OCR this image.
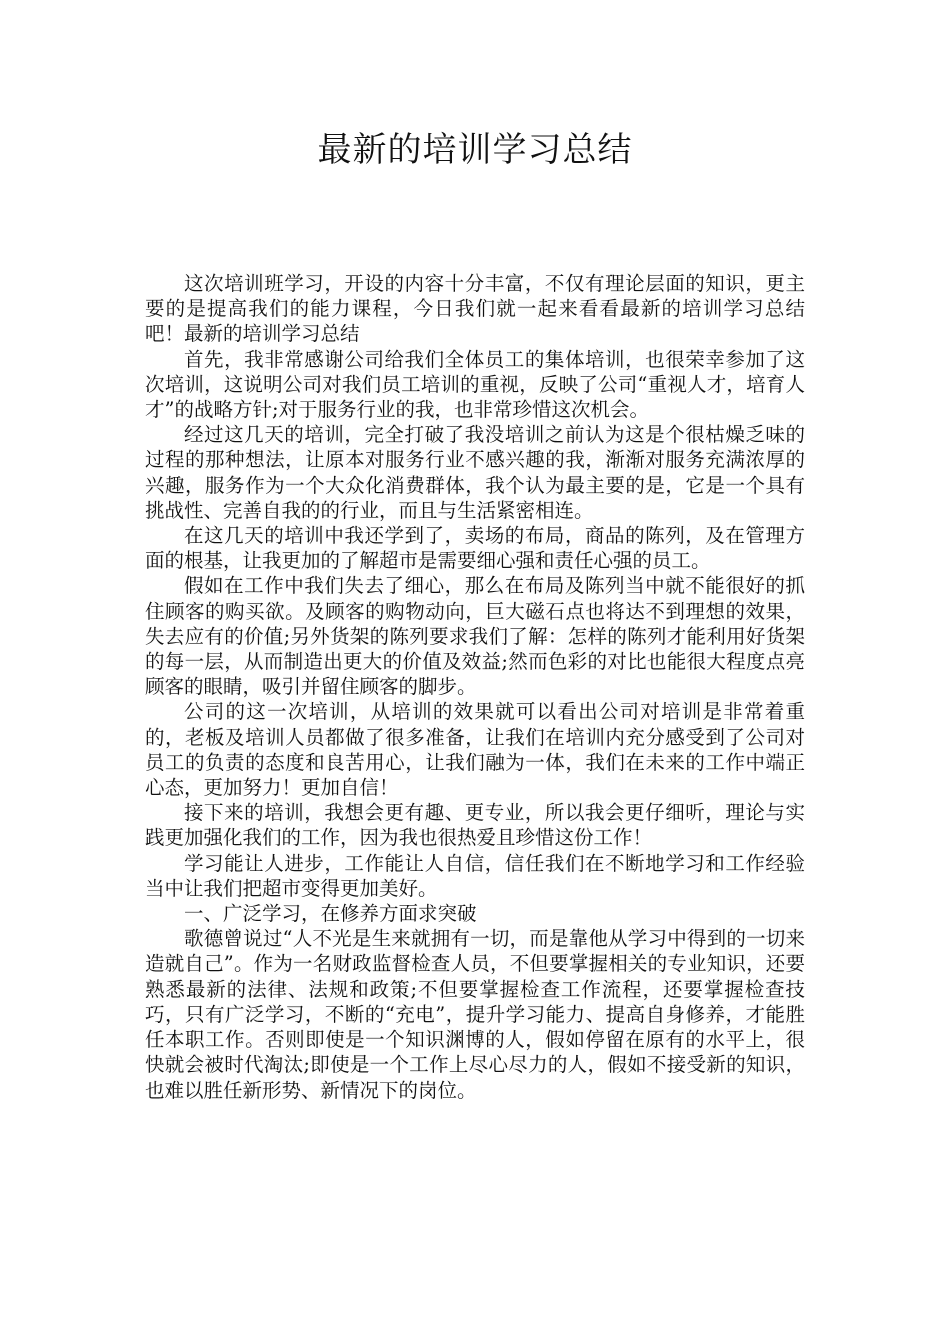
最新的培训学习总结

这次培训班学习，开设的内容十分丰富，不仅有理论层面的知识，更主要的是提高我们的能力课程，今日我们就一起来看看最新的培训学习总结吧！最新的培训学习总结

首先，我非常感谢公司给我们全体员工的集体培训，也很荣幸参加了这次培训，这说明公司对我们员工培训的重视，反映了公司“重视人才，培育人才”的战略方针;对于服务行业的我，也非常珍惜这次机会。

经过这几天的培训，完全打破了我没培训之前认为这是个很枯燥乏味的过程的那种想法，让原本对服务行业不感兴趣的我，渐渐对服务充满浓厚的兴趣，服务作为一个大众化消费群体，我个认为最主要的是，它是一个具有挑战性、完善自我的的行业，而且与生活紧密相连。

在这几天的培训中我还学到了，卖场的布局，商品的陈列，及在管理方面的根基，让我更加的了解超市是需要细心强和责任心强的员工。

假如在工作中我们失去了细心，那么在布局及陈列当中就不能很好的抓住顾客的购买欲。及顾客的购物动向，巨大磁石点也将达不到理想的效果，失去应有的价值;另外货架的陈列要求我们了解：怎样的陈列才能利用好货架的每一层，从而制造出更大的价值及效益;然而色彩的对比也能很大程度点亮顾客的眼睛，吸引并留住顾客的脚步。

公司的这一次培训，从培训的效果就可以看出公司对培训是非常着重的，老板及培训人员都做了很多准备，让我们在培训内充分感受到了公司对员工的负责的态度和良苦用心，让我们融为一体，我们在未来的工作中端正心态，更加努力！更加自信！

接下来的培训，我想会更有趣、更专业，所以我会更仔细听，理论与实践更加强化我们的工作，因为我也很热爱且珍惜这份工作！

学习能让人进步，工作能让人自信，信任我们在不断地学习和工作经验当中让我们把超市变得更加美好。

一、广泛学习，在修养方面求突破

歌德曾说过“人不光是生来就拥有一切，而是靠他从学习中得到的一切来造就自己”。作为一名财政监督检查人员，不但要掌握相关的专业知识，还要熟悉最新的法律、法规和政策;不但要掌握检查工作流程，还要掌握检查技巧，只有广泛学习，不断的“充电”，提升学习能力、提高自身修养，才能胜任本职工作。否则即使是一个知识渊博的人，假如停留在原有的水平上，很快就会被时代淘汰;即使是一个工作上尽心尽力的人，假如不接受新的知识，也难以胜任新形势、新情况下的岗位。
